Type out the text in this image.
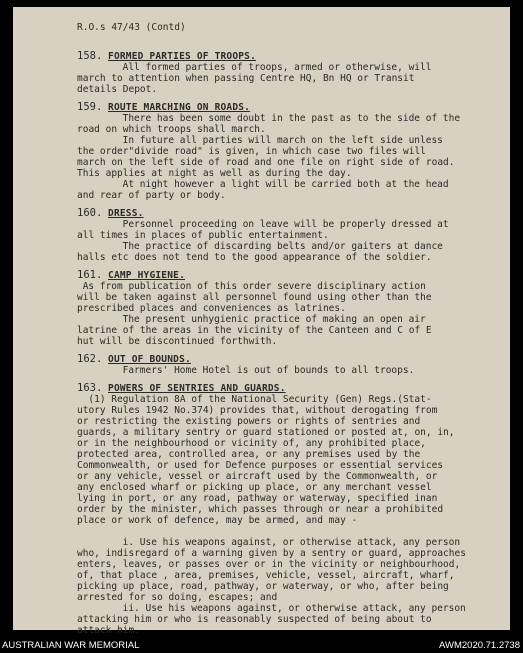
R.O.s 47/43 (Contd)
158. FORMED PARTIES OF TROOPS.
All formed parties of troops, armed or otherwise, will
march to attention when passing Centre HQ, Bn HQ or Transit
details Depot.
159. ROUTE MARCHING ON ROADS.
There has been some doubt in the past as to the side of the
road on which troops shall march.
In future all parties will march on the left side unless
the order"divide road" is given, in which case two files will
march on the left side of road and one file on right side of road.
This applies at night as well as during the day.
At night however a light will be carried both at the head
and rear of party or body.
160. DRESS.
Personnel proceeding on leave will be properly dressed at
all times in places of public entertainment.
The practice of discarding belts and/or gaiters at dance
halls etc does not tend to the good appearance of the soldier.
161. CAMP HYGIENE.
As from publication of this order severe disciplinary action
will be taken against all personnel found using other than the
prescribed places and conveniences as latrines.
The present unhygienic practice of making an open air
latrine of the areas in the vicinity of the Canteen and C of E
hut will be discontinued forthwith.
162. OUT OF BOUNDS.
Farmers' Home Hotel is out of bounds to all troops.
163. POWERS OF SENTRIES AND GUARDS.
(1) Regulation 8A of the National Security (Gen) Regs.(Stat-
utory Rules 1942 No.374) provides that, without derogating from
or restricting the existing powers or rights of sentries and
guards, a military sentry or guard stationed or posted at, on, in,
or in the neighbourhood or vicinity of, any prohibited place,
protected area, controlled area, or any premises used by the
Commonwealth, or used for Defence purposes or essential services
or any vehicle, vessel or aircraft used by the Commonwealth, or
any enclosed wharf or picking up place, or any merchant vessel
lying in port, or any road, pathway or waterway, specified inan
order by the minister, which passes through or near a prohibited
place or work of defence, may be armed, and may -
i. Use his weapons against, or otherwise attack, any person
who, indisregard of a warning given by a sentry or guard, approaches
enters, leaves, or passes over or in the vicinity or neighbourhood,
of, that place , area, premises, vehicle, vessel, aircraft, wharf,
picking up place, road, pathway, or waterway, or who, after being
arrested for so doing, escapes; and
ii. Use his weapons against, or otherwise attack, any person
attacking him or who is reasonably suspected of being about to
attack him.
AUSTRALIAN WAR MEMORIAL	AWM2020.71.2738
